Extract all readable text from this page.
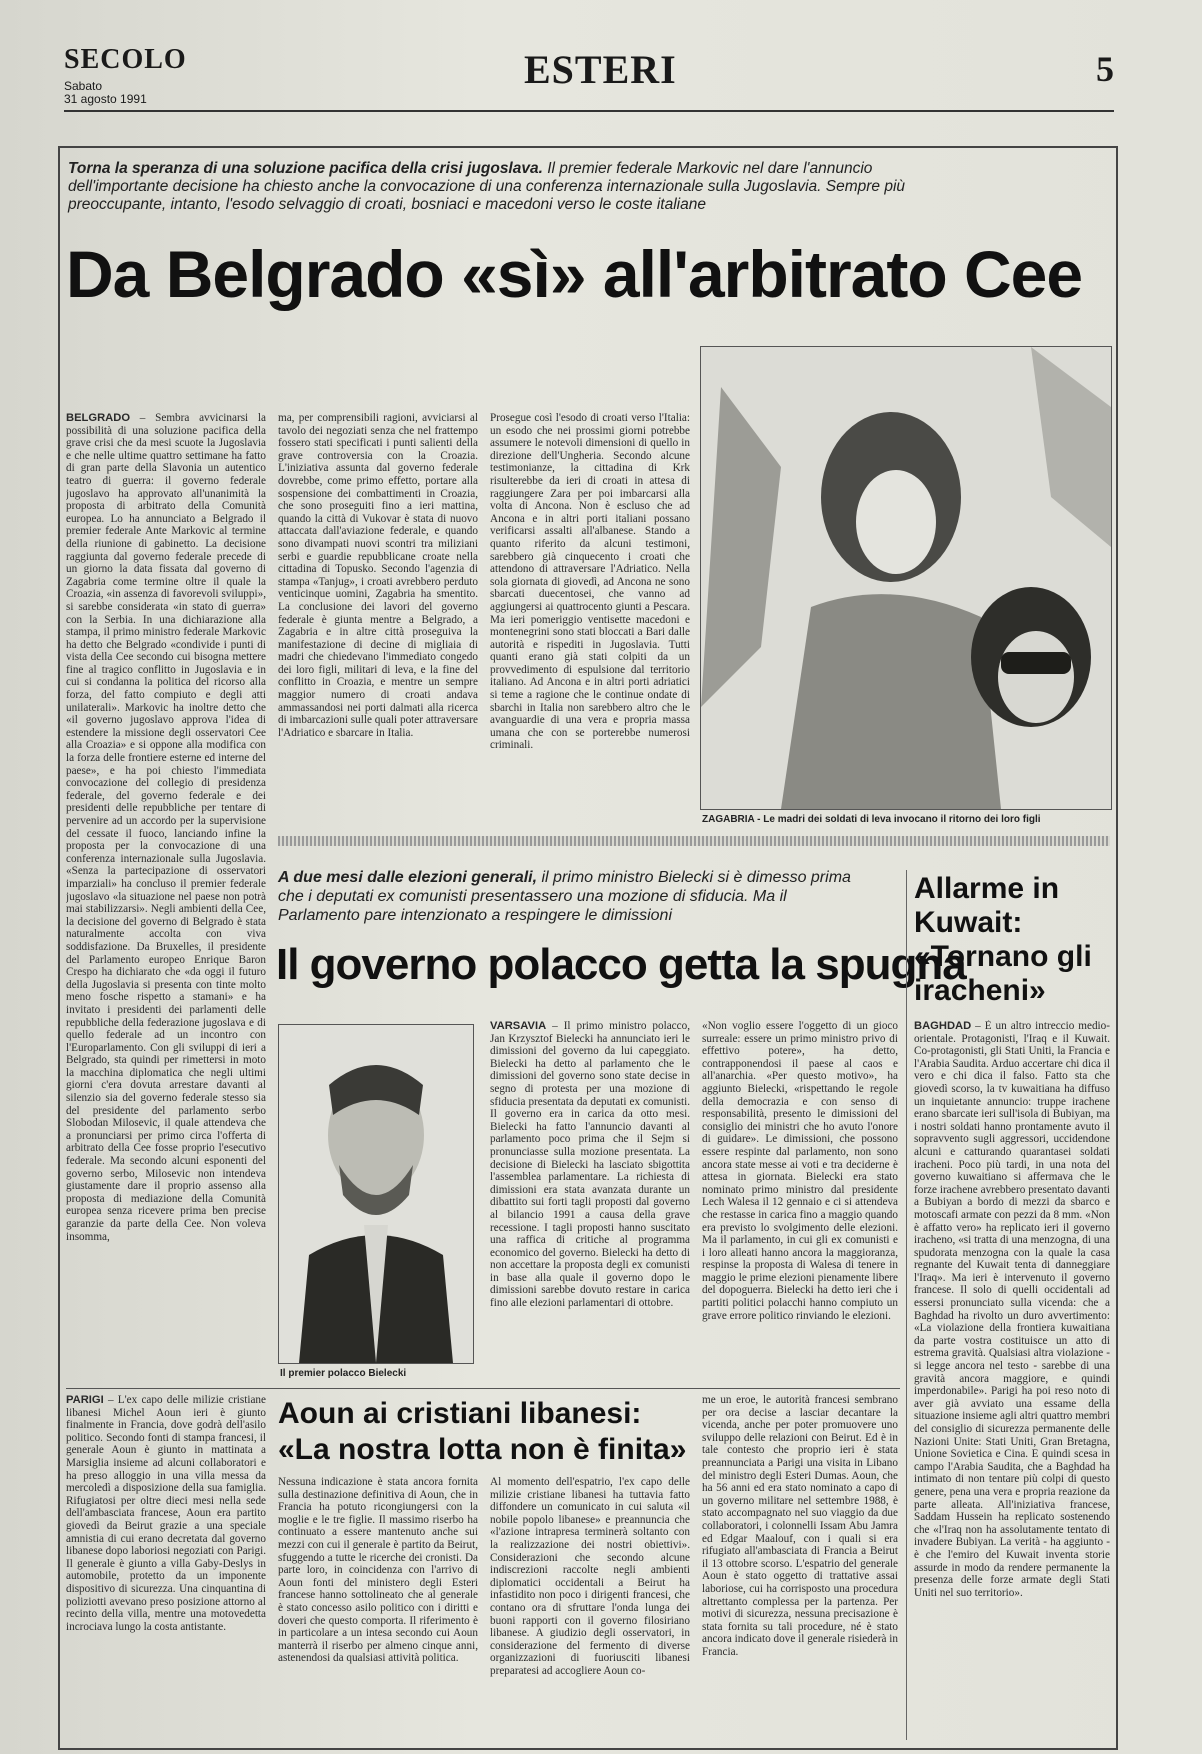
SECOLO
Sabato
31 agosto 1991
ESTERI	5
Torna la speranza di una soluzione pacifica della crisi jugoslava. Il premier federale Markovic nel dare l'annuncio dell'importante decisione ha chiesto anche la convocazione di una conferenza internazionale sulla Jugoslavia. Sempre più preoccupante, intanto, l'esodo selvaggio di croati, bosniaci e macedoni verso le coste italiane
Da Belgrado «sì» all'arbitrato Cee
BELGRADO – Sembra avvicinarsi la possibilità di una soluzione pacifica della grave crisi che da mesi scuote la Jugoslavia e che nelle ultime quattro settimane ha fatto di gran parte della Slavonia un autentico teatro di guerra: il governo federale jugoslavo ha approvato all'unanimità la proposta di arbitrato della Comunità europea. Lo ha annunciato a Belgrado il premier federale Ante Markovic al termine della riunione di gabinetto. La decisione raggiunta dal governo federale precede di un giorno la data fissata dal governo di Zagabria come termine oltre il quale la Croazia, «in assenza di favorevoli sviluppi», si sarebbe considerata «in stato di guerra» con la Serbia. In una dichiarazione alla stampa, il primo ministro federale Markovic ha detto che Belgrado «condivide i punti di vista della Cee secondo cui bisogna mettere fine al tragico conflitto in Jugoslavia e in cui si condanna la politica del ricorso alla forza, del fatto compiuto e degli atti unilaterali». Markovic ha inoltre detto che «il governo jugoslavo approva l'idea di estendere la missione degli osservatori Cee alla Croazia» e si oppone alla modifica con la forza delle frontiere esterne ed interne del paese», e ha poi chiesto l'immediata convocazione del collegio di presidenza federale, del governo federale e dei presidenti delle repubbliche per tentare di pervenire ad un accordo per la supervisione del cessate il fuoco, lanciando infine la proposta per la convocazione di una conferenza internazionale sulla Jugoslavia. «Senza la partecipazione di osservatori imparziali» ha concluso il premier federale jugoslavo «la situazione nel paese non potrà mai stabilizzarsi». Negli ambienti della Cee, la decisione del governo di Belgrado è stata naturalmente accolta con viva soddisfazione. Da Bruxelles, il presidente del Parlamento europeo Enrique Baron Crespo ha dichiarato che «da oggi il futuro della Jugoslavia si presenta con tinte molto meno fosche rispetto a stamani» e ha invitato i presidenti dei parlamenti delle repubbliche della federazione jugoslava e di quello federale ad un incontro con l'Europarlamento. Con gli sviluppi di ieri a Belgrado, sta quindi per rimettersi in moto la macchina diplomatica che negli ultimi giorni c'era dovuta arrestare davanti al silenzio sia del governo federale stesso sia del presidente del parlamento serbo Slobodan Milosevic, il quale attendeva che a pronunciarsi per primo circa l'offerta di arbitrato della Cee fosse proprio l'esecutivo federale. Ma secondo alcuni esponenti del governo serbo, Milosevic non intendeva giustamente dare il proprio assenso alla proposta di mediazione della Comunità europea senza ricevere prima ben precise garanzie da parte della Cee. Non voleva insomma,
ma, per comprensibili ragioni, avviciarsi al tavolo dei negoziati senza che nel frattempo fossero stati specificati i punti salienti della grave controversia con la Croazia. L'iniziativa assunta dal governo federale dovrebbe, come primo effetto, portare alla sospensione dei combattimenti in Croazia, che sono proseguiti fino a ieri mattina, quando la città di Vukovar è stata di nuovo attaccata dall'aviazione federale, e quando sono divampati nuovi scontri tra miliziani serbi e guardie repubblicane croate nella cittadina di Topusko. Secondo l'agenzia di stampa «Tanjug», i croati avrebbero perduto venticinque uomini, Zagabria ha smentito. La conclusione dei lavori del governo federale è giunta mentre a Belgrado, a Zagabria e in altre città proseguiva la manifestazione di decine di migliaia di madri che chiedevano l'immediato congedo dei loro figli, militari di leva, e la fine del conflitto in Croazia, e mentre un sempre maggior numero di croati andava ammassandosi nei porti dalmati alla ricerca di imbarcazioni sulle quali poter attraversare l'Adriatico e sbarcare in Italia.
Prosegue così l'esodo di croati verso l'Italia: un esodo che nei prossimi giorni potrebbe assumere le notevoli dimensioni di quello in direzione dell'Ungheria. Secondo alcune testimonianze, la cittadina di Krk risulterebbe da ieri di croati in attesa di raggiungere Zara per poi imbarcarsi alla volta di Ancona. Non è escluso che ad Ancona e in altri porti italiani possano verificarsi assalti all'albanese. Stando a quanto riferito da alcuni testimoni, sarebbero già cinquecento i croati che attendono di attraversare l'Adriatico. Nella sola giornata di giovedì, ad Ancona ne sono sbarcati duecentosei, che vanno ad aggiungersi ai quattrocento giunti a Pescara. Ma ieri pomeriggio ventisette macedoni e montenegrini sono stati bloccati a Bari dalle autorità e rispediti in Jugoslavia. Tutti quanti erano già stati colpiti da un provvedimento di espulsione dal territorio italiano. Ad Ancona e in altri porti adriatici si teme a ragione che le continue ondate di sbarchi in Italia non sarebbero altro che le avanguardie di una vera e propria massa umana che con se porterebbe numerosi criminali.
ZAGABRIA - Le madri dei soldati di leva invocano il ritorno dei loro figli
A due mesi dalle elezioni generali, il primo ministro Bielecki si è dimesso prima che i deputati ex comunisti presentassero una mozione di sfiducia. Ma il Parlamento pare intenzionato a respingere le dimissioni
Il governo polacco getta la spugna
Il premier polacco Bielecki
VARSAVIA – Il primo ministro polacco, Jan Krzysztof Bielecki ha annunciato ieri le dimissioni del governo da lui capeggiato. Bielecki ha detto al parlamento che le dimissioni del governo sono state decise in segno di protesta per una mozione di sfiducia presentata da deputati ex comunisti. Il governo era in carica da otto mesi. Bielecki ha fatto l'annuncio davanti al parlamento poco prima che il Sejm si pronunciasse sulla mozione presentata. La decisione di Bielecki ha lasciato sbigottita l'assemblea parlamentare. La richiesta di dimissioni era stata avanzata durante un dibattito sui forti tagli proposti dal governo al bilancio 1991 a causa della grave recessione. I tagli proposti hanno suscitato una raffica di critiche al programma economico del governo. Bielecki ha detto di non accettare la proposta degli ex comunisti in base alla quale il governo dopo le dimissioni sarebbe dovuto restare in carica fino alle elezioni parlamentari di ottobre.
«Non voglio essere l'oggetto di un gioco surreale: essere un primo ministro privo di effettivo potere», ha detto, contrapponendosi il paese al caos e all'anarchia. «Per questo motivo», ha aggiunto Bielecki, «rispettando le regole della democrazia e con senso di responsabilità, presento le dimissioni del consiglio dei ministri che ho avuto l'onore di guidare». Le dimissioni, che possono essere respinte dal parlamento, non sono ancora state messe ai voti e tra deciderne è attesa in giornata. Bielecki era stato nominato primo ministro dal presidente Lech Walesa il 12 gennaio e ci si attendeva che restasse in carica fino a maggio quando era previsto lo svolgimento delle elezioni. Ma il parlamento, in cui gli ex comunisti e i loro alleati hanno ancora la maggioranza, respinse la proposta di Walesa di tenere in maggio le prime elezioni pienamente libere del dopoguerra. Bielecki ha detto ieri che i partiti politici polacchi hanno compiuto un grave errore politico rinviando le elezioni.
Allarme in Kuwait: «Tornano gli iracheni»
BAGHDAD – È un altro intreccio medio-orientale. Protagonisti, l'Iraq e il Kuwait. Co-protagonisti, gli Stati Uniti, la Francia e l'Arabia Saudita. Arduo accertare chi dica il vero e chi dica il falso. Fatto sta che giovedì scorso, la tv kuwaitiana ha diffuso un inquietante annuncio: truppe irachene erano sbarcate ieri sull'isola di Bubiyan, ma i nostri soldati hanno prontamente avuto il sopravvento sugli aggressori, uccidendone alcuni e catturando quarantasei soldati iracheni. Poco più tardi, in una nota del governo kuwaitiano si affermava che le forze irachene avrebbero presentato davanti a Bubiyan a bordo di mezzi da sbarco e motoscafi armate con pezzi da 8 mm. «Non è affatto vero» ha replicato ieri il governo iracheno, «si tratta di una menzogna, di una spudorata menzogna con la quale la casa regnante del Kuwait tenta di danneggiare l'Iraq». Ma ieri è intervenuto il governo francese. Il solo di quelli occidentali ad essersi pronunciato sulla vicenda: che a Baghdad ha rivolto un duro avvertimento: «La violazione della frontiera kuwaitiana da parte vostra costituisce un atto di estrema gravità. Qualsiasi altra violazione - si legge ancora nel testo - sarebbe di una gravità ancora maggiore, e quindi imperdonabile». Parigi ha poi reso noto di aver già avviato una essame della situazione insieme agli altri quattro membri del consiglio di sicurezza permanente delle Nazioni Unite: Stati Uniti, Gran Bretagna, Unione Sovietica e Cina. E quindi scesa in campo l'Arabia Saudita, che a Baghdad ha intimato di non tentare più colpi di questo genere, pena una vera e propria reazione da parte alleata. All'iniziativa francese, Saddam Hussein ha replicato sostenendo che «l'Iraq non ha assolutamente tentato di invadere Bubiyan. La verità - ha aggiunto - è che l'emiro del Kuwait inventa storie assurde in modo da rendere permanente la presenza delle forze armate degli Stati Uniti nel suo territorio».
PARIGI – L'ex capo delle milizie cristiane libanesi Michel Aoun ieri è giunto finalmente in Francia, dove godrà dell'asilo politico. Secondo fonti di stampa francesi, il generale Aoun è giunto in mattinata a Marsiglia insieme ad alcuni collaboratori e ha preso alloggio in una villa messa da mercoledì a disposizione della sua famiglia. Rifugiatosi per oltre dieci mesi nella sede dell'ambasciata francese, Aoun era partito giovedì da Beirut grazie a una speciale amnistia di cui erano decretata dal governo libanese dopo laboriosi negoziati con Parigi. Il generale è giunto a villa Gaby-Deslys in automobile, protetto da un imponente dispositivo di sicurezza. Una cinquantina di poliziotti avevano preso posizione attorno al recinto della villa, mentre una motovedetta incrociava lungo la costa antistante.
Aoun ai cristiani libanesi: «La nostra lotta non è finita»
Nessuna indicazione è stata ancora fornita sulla destinazione definitiva di Aoun, che in Francia ha potuto ricongiungersi con la moglie e le tre figlie. Il massimo riserbo ha continuato a essere mantenuto anche sui mezzi con cui il generale è partito da Beirut, sfuggendo a tutte le ricerche dei cronisti. Da parte loro, in coincidenza con l'arrivo di Aoun fonti del ministero degli Esteri francese hanno sottolineato che al generale è stato concesso asilo politico con i diritti e doveri che questo comporta. Il riferimento è in particolare a un intesa secondo cui Aoun manterrà il riserbo per almeno cinque anni, astenendosi da qualsiasi attività politica.
Al momento dell'espatrio, l'ex capo delle milizie cristiane libanesi ha tuttavia fatto diffondere un comunicato in cui saluta «il nobile popolo libanese» e preannuncia che «l'azione intrapresa terminerà soltanto con la realizzazione dei nostri obiettivi». Considerazioni che secondo alcune indiscrezioni raccolte negli ambienti diplomatici occidentali a Beirut ha infastidito non poco i dirigenti francesi, che contano ora di sfruttare l'onda lunga dei buoni rapporti con il governo filosiriano libanese. A giudizio degli osservatori, in considerazione del fermento di diverse organizzazioni di fuoriusciti libanesi preparatesi ad accogliere Aoun co-
me un eroe, le autorità francesi sembrano per ora decise a lasciar decantare la vicenda, anche per poter promuovere uno sviluppo delle relazioni con Beirut. Ed è in tale contesto che proprio ieri è stata preannunciata a Parigi una visita in Libano del ministro degli Esteri Dumas. Aoun, che ha 56 anni ed era stato nominato a capo di un governo militare nel settembre 1988, è stato accompagnato nel suo viaggio da due collaboratori, i colonnelli Issam Abu Jamra ed Edgar Maalouf, con i quali si era rifugiato all'ambasciata di Francia a Beirut il 13 ottobre scorso. L'espatrio del generale Aoun è stato oggetto di trattative assai laboriose, cui ha corrisposto una procedura altrettanto complessa per la partenza. Per motivi di sicurezza, nessuna precisazione è stata fornita su tali procedure, né è stato ancora indicato dove il generale risiederà in Francia.
